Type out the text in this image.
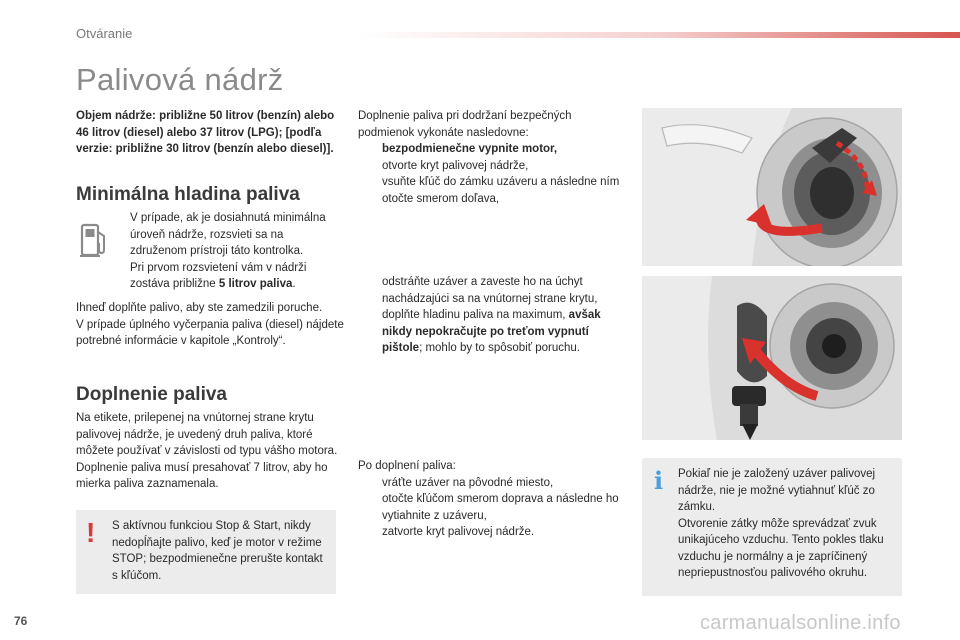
Otváranie
Palivová nádrž
Objem nádrže: približne 50 litrov (benzín) alebo 46 litrov (diesel) alebo 37 litrov (LPG); [podľa verzie: približne 30 litrov (benzín alebo diesel)].
Minimálna hladina paliva
V prípade, ak je dosiahnutá minimálna úroveň nádrže, rozsvieti sa na združenom prístroji táto kontrolka.
Pri prvom rozsvietení vám v nádrži zostáva približne 5 litrov paliva.
Ihneď doplňte palivo, aby ste zamedzili poruche.
V prípade úplného vyčerpania paliva (diesel) nájdete potrebné informácie v kapitole „Kontroly“.
Doplnenie paliva
Na etikete, prilepenej na vnútornej strane krytu palivovej nádrže, je uvedený druh paliva, ktoré môžete používať v závislosti od typu vášho motora.
Doplnenie paliva musí presahovať 7 litrov, aby ho mierka paliva zaznamenala.
!	S aktívnou funkciou Stop & Start, nikdy nedopĺňajte palivo, keď je motor v režime STOP; bezpodmienečne prerušte kontakt s kľúčom.
Doplnenie paliva pri dodržaní bezpečných podmienok vykonáte nasledovne:
bezpodmienečne vypnite motor,
otvorte kryt palivovej nádrže,
vsuňte kľúč do zámku uzáveru a následne ním otočte smerom doľava,
odstráňte uzáver a zaveste ho na úchyt nachádzajúci sa na vnútornej strane krytu,
doplňte hladinu paliva na maximum, avšak nikdy nepokračujte po treťom vypnutí pištole; mohlo by to spôsobiť poruchu.
Po doplnení paliva:
vráťte uzáver na pôvodné miesto,
otočte kľúčom smerom doprava a následne ho vytiahnite z uzáveru,
zatvorte kryt palivovej nádrže.
i Pokiaľ nie je založený uzáver palivovej nádrže, nie je možné vytiahnuť kľúč zo zámku.
Otvorenie zátky môže sprevádzať zvuk unikajúceho vzduchu. Tento pokles tlaku vzduchu je normálny a je zapríčinený nepriepustnosťou palivového okruhu.
76	carmanualsonline.info
